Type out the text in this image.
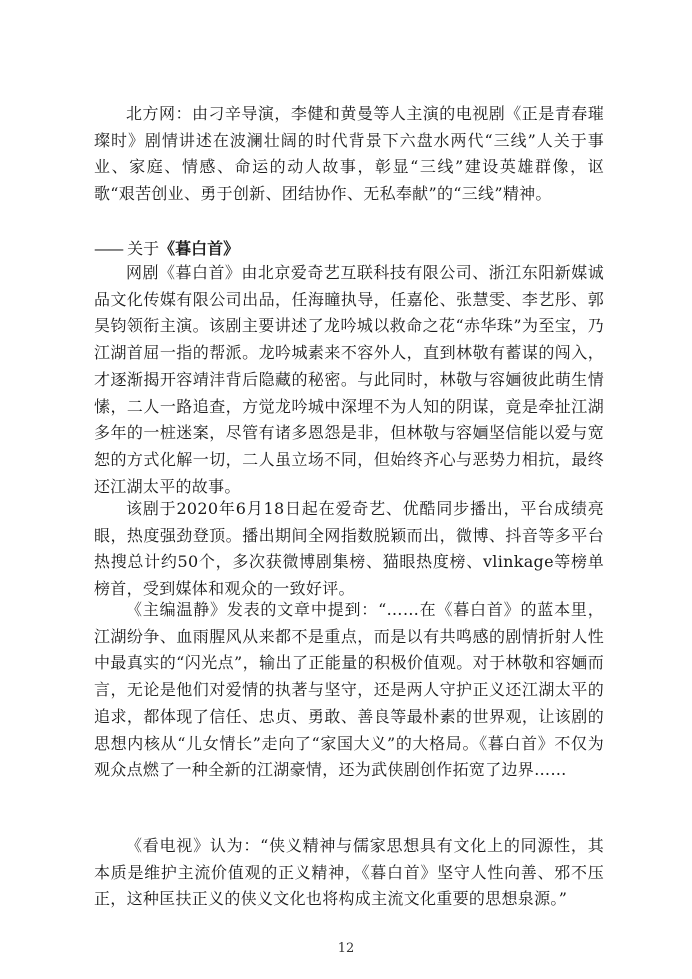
北方网：由刁辛导演，李健和黄曼等人主演的电视剧《正是青春璀璨时》剧情讲述在波澜壮阔的时代背景下六盘水两代“三线”人关于事业、家庭、情感、命运的动人故事，彰显“三线”建设英雄群像，讴歌“艰苦创业、勇于创新、团结协作、无私奉献”的“三线”精神。

—— 关于《暮白首》

网剧《暮白首》由北京爱奇艺互联科技有限公司、浙江东阳新媒诚品文化传媒有限公司出品，任海瞳执导，任嘉伦、张慧雯、李艺彤、郭昊钧领衔主演。该剧主要讲述了龙吟城以救命之花“赤华珠”为至宝，乃江湖首屈一指的帮派。龙吟城素来不容外人，直到林敬有蓄谋的闯入，才逐渐揭开容靖沣背后隐藏的秘密。与此同时，林敬与容婳彼此萌生情愫，二人一路追查，方觉龙吟城中深埋不为人知的阴谋，竟是牵扯江湖多年的一桩迷案，尽管有诸多恩怨是非，但林敬与容婳坚信能以爱与宽恕的方式化解一切，二人虽立场不同，但始终齐心与恶势力相抗，最终还江湖太平的故事。

该剧于2020年6月18日起在爱奇艺、优酷同步播出，平台成绩亮眼，热度强劲登顶。播出期间全网指数脱颖而出，微博、抖音等多平台热搜总计约50个，多次获微博剧集榜、猫眼热度榜、vlinkage等榜单榜首，受到媒体和观众的一致好评。

《主编温静》发表的文章中提到：“……在《暮白首》的蓝本里，江湖纷争、血雨腥风从来都不是重点，而是以有共鸣感的剧情折射人性中最真实的“闪光点”，输出了正能量的积极价值观。对于林敬和容婳而言，无论是他们对爱情的执著与坚守，还是两人守护正义还江湖太平的追求，都体现了信任、忠贞、勇敢、善良等最朴素的世界观，让该剧的思想内核从“儿女情长”走向了“家国大义”的大格局。《暮白首》不仅为观众点燃了一种全新的江湖豪情，还为武侠剧创作拓宽了边界……

《看电视》认为：“侠义精神与儒家思想具有文化上的同源性，其本质是维护主流价值观的正义精神，《暮白首》坚守人性向善、邪不压正，这种匡扶正义的侠义文化也将构成主流文化重要的思想泉源。”

12
